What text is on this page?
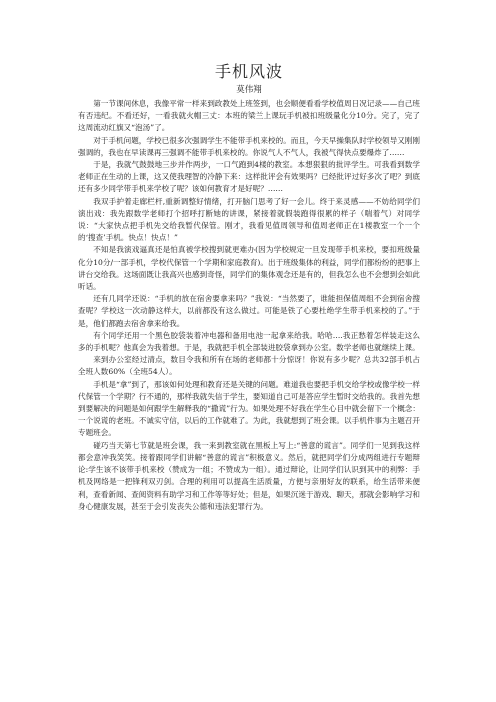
手机风波
莫伟翔

第一节课间休息，我像平常一样来到政教处上班签到，也会顺便看看学校值周日况记录——自己班有否违纪。不看还好，一看我就火帽三丈：本班的梁兰上课玩手机被扣班级量化分10分。完了，完了这周流动红旗又“泡汤”了。

对于手机问题，学校已很多次强调学生不能带手机来校的。而且，今天早操集队时学校领导又刚刚强调的，我也在早读课再三强调不能带手机来校的。你说气人不气人，我被气得快点要爆炸了……

于是，我就气鼓鼓地三步并作两步，一口气跑到4楼的教室。本想狠狠的批评学生。可我看到数学老师正在生动的上课，这又使我理智的冷静下来：这样批评会有效果吗？已经批评过好多次了吧？到底还有多少同学带手机来学校了呢？该如何教育才是好呢？……

我双手护着走廊栏杆,重新调整好情绪，打开脑门思考了好一会儿。终于来灵感——不妨给同学们演出戏：我先跟数学老师打个招呼打断她的讲课，紧接着就假装跑得很累的样子（喘着气）对同学说：“大家快点把手机先交给我暂代保管。刚才，我看见值周领导和值周老师正在1楼教室一个一个的‘搜查’手机。快点！快点！”

不知是我演戏逼真还是怕真被学校搜到就更难办(因为学校规定一旦发现带手机来校，要扣班级量化分10分/一部手机，学校代保管一个学期和家庭教育)。出于班级集体的利益，同学们都纷纷的把事上讲台交给我。这场面既让我高兴也感到奇怪，同学们的集体观念还是有的，但我怎么也不会想到会如此听话。

还有几同学还说：“手机的放在宿舍要拿来吗？”我说：“当然要了，谁能担保值周组不会到宿舍搜查呢？学校这一次动静这样大，以前都没有这么做过。可能是铁了心要杜绝学生带手机来校的了。”于是，他们都跑去宿舍拿来给我。

有个同学还用一个黑色胶袋装着冲电器和备用电池一起拿来给我。哈哈….我正愁着怎样装走这么多的手机呢？他真会为我着想。于是，我就把手机全部装进胶袋拿到办公室。数学老师也就继续上课。

来到办公室经过清点，数目令我和所有在场的老师都十分惊讶！你说有多少呢？总共32部手机占全班人数60%（全班54人）。

手机是“拿”到了，那该如何处理和教育还是关键的问题。难道我也要把手机交给学校或像学校一样代保管一个学期？行不通的，那样我就失信于学生，要知道自己可是答应学生暂时交给我的。我首先想到要解决的问题是如何跟学生解释我的“撒谎”行为。如果处理不好我在学生心目中就会留下一个概念：一个说谎的老班。不诚实守信，以后的工作就难了。为此，我就想到了班会课。以手机件事为主题召开专题班会。

碰巧当天第七节就是班会课，我一来到教室就在黑板上写上:“善意的谎言”。同学们一见到我这样都会意冲我笑笑。接着跟同学们讲解“善意的谎言”积极意义。然后，就把同学们分成两组进行专题辩论:学生该不该带手机来校（赞成为一组；不赞成为一组）。通过辩论，让同学们认识到其中的利弊：手机及网络是一把锋利双刃剑。合理的利用可以提高生活质量，方便与亲朋好友的联系，给生活带来便利，查看新闻、查阅资料有助学习和工作等等好处；但是，如果沉迷于游戏、聊天，那就会影响学习和身心健康发展，甚至于会引发丧失公德和违法犯罪行为。
